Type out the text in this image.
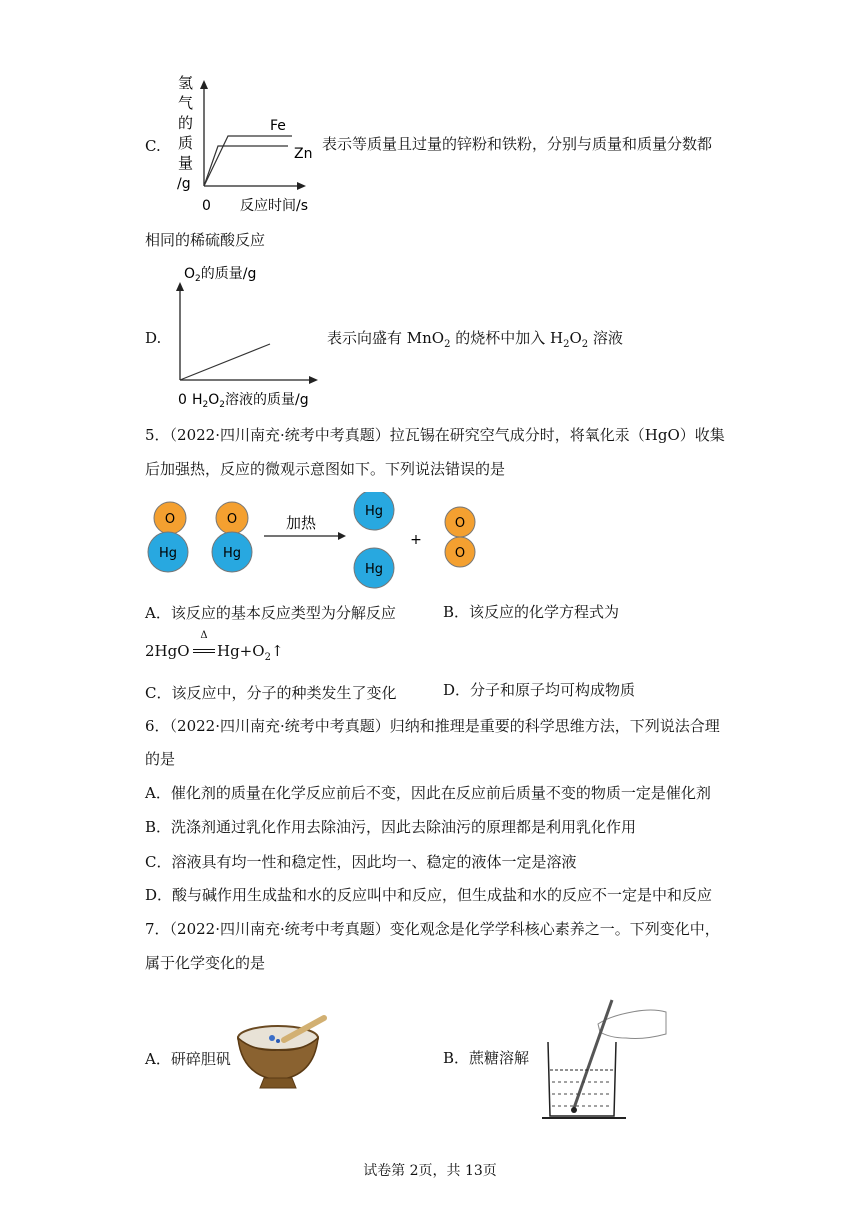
C.
氢
气
的
质
量
/g
Fe
Zn
0 反应时间/s
表示等质量且过量的锌粉和铁粉，分别与质量和质量分数都
相同的稀硫酸反应
D.
$O_2$的质量/g
0 $H_2O_2$溶液的质量/g
表示向盛有 MnO$_2$ 的烧杯中加入 $H_2O_2$ 溶液
5．（2022·四川南充·统考中考真题）拉瓦锡在研究空气成分时，将氧化汞（HgO）收集
后加强热，反应的微观示意图如下。下列说法错误的是
O
Hg
O
Hg
加热
Hg
Hg
+
O
O
A．该反应的基本反应类型为分解反应	B．该反应的化学方程式为
2HgO
Δ
$Hg+O_2↑$
C．该反应中，分子的种类发生了变化	D．分子和原子均可构成物质
6．（2022·四川南充·统考中考真题）归纳和推理是重要的科学思维方法，下列说法合理
的是
A．催化剂的质量在化学反应前后不变，因此在反应前后质量不变的物质一定是催化剂
B．洗涤剂通过乳化作用去除油污，因此去除油污的原理都是利用乳化作用
C．溶液具有均一性和稳定性，因此均一、稳定的液体一定是溶液
D．酸与碱作用生成盐和水的反应叫中和反应，但生成盐和水的反应不一定是中和反应
7．（2022·四川南充·统考中考真题）变化观念是化学学科核心素养之一。下列变化中，
属于化学变化的是
A．研碎胆矾	B．蔗糖溶解
试卷第 2页，共 13页
